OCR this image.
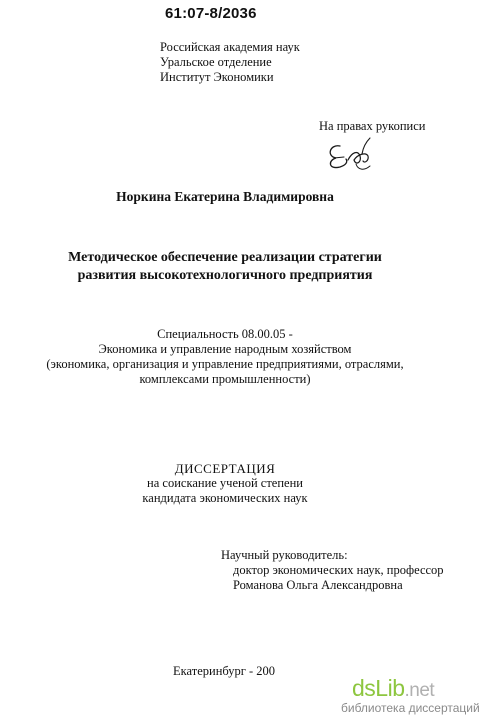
61:07-8/2036
Российская академия наук
Уральское отделение
Институт Экономики
На правах рукописи
Норкина Екатерина Владимировна
Методическое обеспечение реализации стратегии
развития высокотехнологичного предприятия
Специальность 08.00.05 -
Экономика и управление народным хозяйством
(экономика, организация и управление предприятиями, отраслями,
комплексами промышленности)
ДИССЕРТАЦИЯ
на соискание ученой степени
кандидата экономических наук
Научный руководитель:
доктор экономических наук, профессор
Романова Ольга Александровна
Екатеринбург - 200
dsLib.net
библиотека диссертаций
